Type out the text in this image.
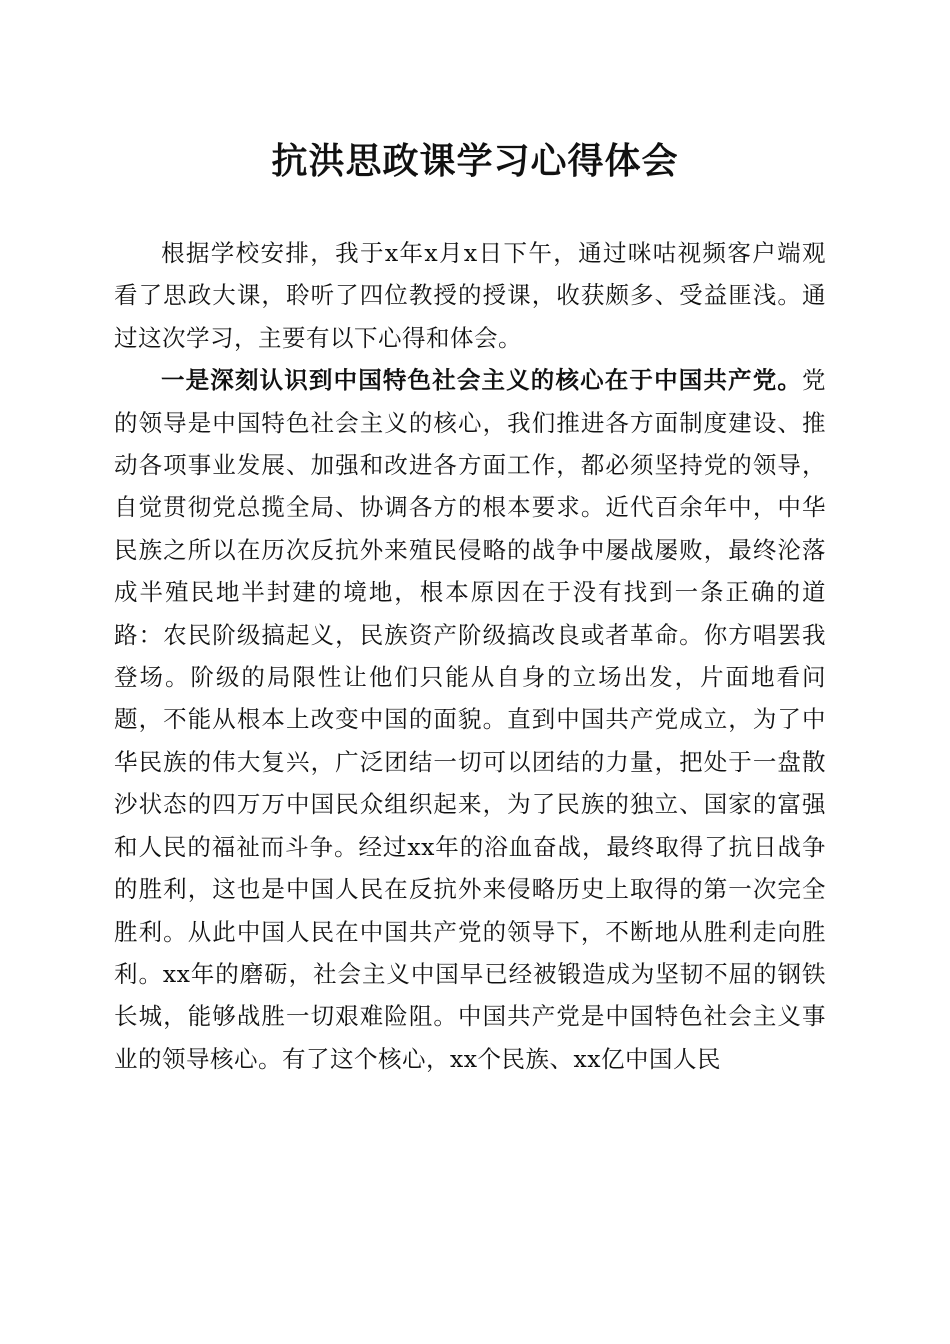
抗洪思政课学习心得体会

根据学校安排，我于x年x月x日下午，通过咪咕视频客户端观看了思政大课，聆听了四位教授的授课，收获颇多、受益匪浅。通过这次学习，主要有以下心得和体会。

一是深刻认识到中国特色社会主义的核心在于中国共产党。党的领导是中国特色社会主义的核心，我们推进各方面制度建设、推动各项事业发展、加强和改进各方面工作，都必须坚持党的领导，自觉贯彻党总揽全局、协调各方的根本要求。近代百余年中，中华民族之所以在历次反抗外来殖民侵略的战争中屡战屡败，最终沦落成半殖民地半封建的境地，根本原因在于没有找到一条正确的道路：农民阶级搞起义，民族资产阶级搞改良或者革命。你方唱罢我登场。阶级的局限性让他们只能从自身的立场出发，片面地看问题，不能从根本上改变中国的面貌。直到中国共产党成立，为了中华民族的伟大复兴，广泛团结一切可以团结的力量，把处于一盘散沙状态的四万万中国民众组织起来，为了民族的独立、国家的富强和人民的福祉而斗争。经过xx年的浴血奋战，最终取得了抗日战争的胜利，这也是中国人民在反抗外来侵略历史上取得的第一次完全胜利。从此中国人民在中国共产党的领导下，不断地从胜利走向胜利。xx年的磨砺，社会主义中国早已经被锻造成为坚韧不屈的钢铁长城，能够战胜一切艰难险阻。中国共产党是中国特色社会主义事业的领导核心。有了这个核心，xx个民族、xx亿中国人民
